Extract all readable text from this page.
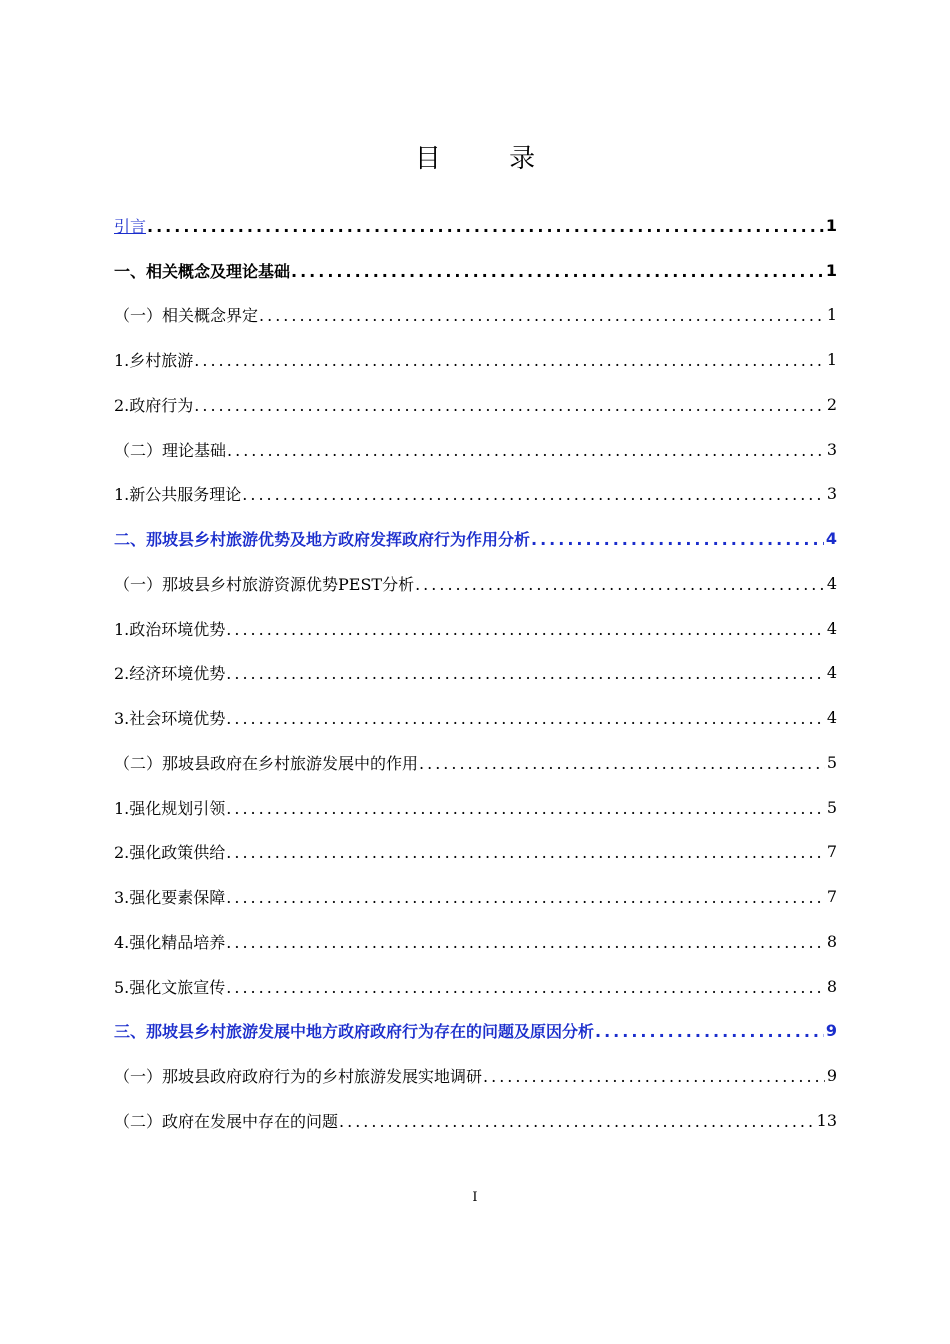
目 录
引言 .....	1
一、相关概念及理论基础 .....	1
（一）相关概念界定 .....	1
1.乡村旅游 .....	1
2.政府行为 .....	2
（二）理论基础 .....	3
1.新公共服务理论 .....	3
二、那坡县乡村旅游优势及地方政府发挥政府行为作用分析 .....	4
（一）那坡县乡村旅游资源优势PEST分析 .....	4
1.政治环境优势 .....	4
2.经济环境优势 .....	4
3.社会环境优势 .....	4
（二）那坡县政府在乡村旅游发展中的作用 .....	5
1.强化规划引领 .....	5
2.强化政策供给 .....	7
3.强化要素保障 .....	7
4.强化精品培养 .....	8
5.强化文旅宣传 .....	8
三、那坡县乡村旅游发展中地方政府政府行为存在的问题及原因分析 .....	9
（一）那坡县政府政府行为的乡村旅游发展实地调研 .....	9
（二）政府在发展中存在的问题 .....	13
I
